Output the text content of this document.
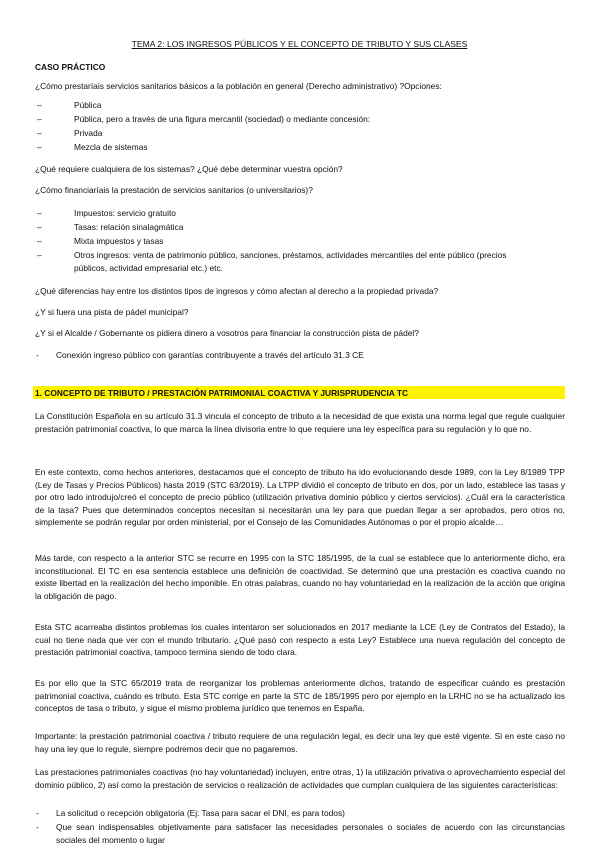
TEMA 2: LOS INGRESOS PÚBLICOS Y EL CONCEPTO DE TRIBUTO Y SUS CLASES
CASO PRÁCTICO
¿Cómo prestaríais servicios sanitarios básicos a la población en general (Derecho administrativo) ?Opciones:
–	Pública
–	Pública, pero a través de una figura mercantil (sociedad) o mediante concesión:
–	Privada
–	Mezcla de sistemas
¿Qué requiere cualquiera de los sistemas? ¿Qué debe determinar vuestra opción?
¿Cómo financiaríais la prestación de servicios sanitarios (o universitarios)?
–	Impuestos: servicio gratuito
–	Tasas: relación sinalagmática
–	Mixta impuestos y tasas
–	Otros ingresos: venta de patrimonio público, sanciones, préstamos, actividades mercantiles del ente público (precios
públicos, actividad empresarial etc.) etc.
¿Qué diferencias hay entre los distintos tipos de ingresos y cómo afectan al derecho a la propiedad privada?
¿Y si fuera una pista de pádel municipal?
¿Y si el Alcalde / Gobernante os pidiera dinero a vosotros para financiar la construcción pista de pádel?
- Conexión ingreso público con garantías contribuyente a través del artículo 31.3 CE
1. CONCEPTO DE TRIBUTO / PRESTACIÓN PATRIMONIAL COACTIVA Y JURISPRUDENCIA TC
La Constitución Española en su artículo 31.3 vincula el concepto de tributo a la necesidad de que exista una norma legal que regule cualquier prestación patrimonial coactiva, lo que marca la línea divisoria entre lo que requiere una ley específica para su regulación y lo que no.
En este contexto, como hechos anteriores, destacamos que el concepto de tributo ha ido evolucionando desde 1989, con la Ley 8/1989 TPP (Ley de Tasas y Precios Públicos) hasta 2019 (STC 63/2019). La LTPP dividió el concepto de tributo en dos, por un lado, establece las tasas y por otro lado introdujo/creó el concepto de precio público (utilización privativa dominio público y ciertos servicios). ¿Cuál era la característica de la tasa? Pues que determinados conceptos necesitan si necesitarán una ley para que puedan llegar a ser aprobados, pero otros no, simplemente se podrán regular por orden ministerial, por el Consejo de las Comunidades Autónomas o por el propio alcalde…
Más tarde, con respecto a la anterior STC se recurre en 1995 con la STC 185/1995, de la cual se establece que lo anteriormente dicho, era inconstitucional. El TC en esa sentencia establece una definición de coactividad. Se determinó que una prestación es coactiva cuando no existe libertad en la realización del hecho imponible. En otras palabras, cuando no hay voluntariedad en la realización de la acción que origina la obligación de pago.
Esta STC acarreaba distintos problemas los cuales intentaron ser solucionados en 2017 mediante la LCE (Ley de Contratos del Estado), la cual no tiene nada que ver con el mundo tributario. ¿Qué pasó con respecto a esta Ley? Establece una nueva regulación del concepto de prestación patrimonial coactiva, tampoco termina siendo de todo clara.
Es por ello que la STC 65/2019 trata de reorganizar los problemas anteriormente dichos, tratando de especificar cuándo es prestación patrimonial coactiva, cuándo es tributo. Esta STC corrige en parte la STC de 185/1995 pero por ejemplo en la LRHC no se ha actualizado los conceptos de tasa o tributo, y sigue el mismo problema jurídico que tenemos en España.
Importante: la prestación patrimonial coactiva / tributo requiere de una regulación legal, es decir una ley que esté vigente. Si en este caso no hay una ley que lo regule, siempre podremos decir que no pagaremos.
Las prestaciones patrimoniales coactivas (no hay voluntariedad) incluyen, entre otras, 1) la utilización privativa o aprovechamiento especial del dominio público, 2) así como la prestación de servicios o realización de actividades que cumplan cualquiera de las siguientes características:
- La solicitud o recepción obligatoria (Ej: Tasa para sacar el DNI, es para todos)
- Que sean indispensables objetivamente para satisfacer las necesidades personales o sociales de acuerdo con las circunstancias sociales del momento o lugar
